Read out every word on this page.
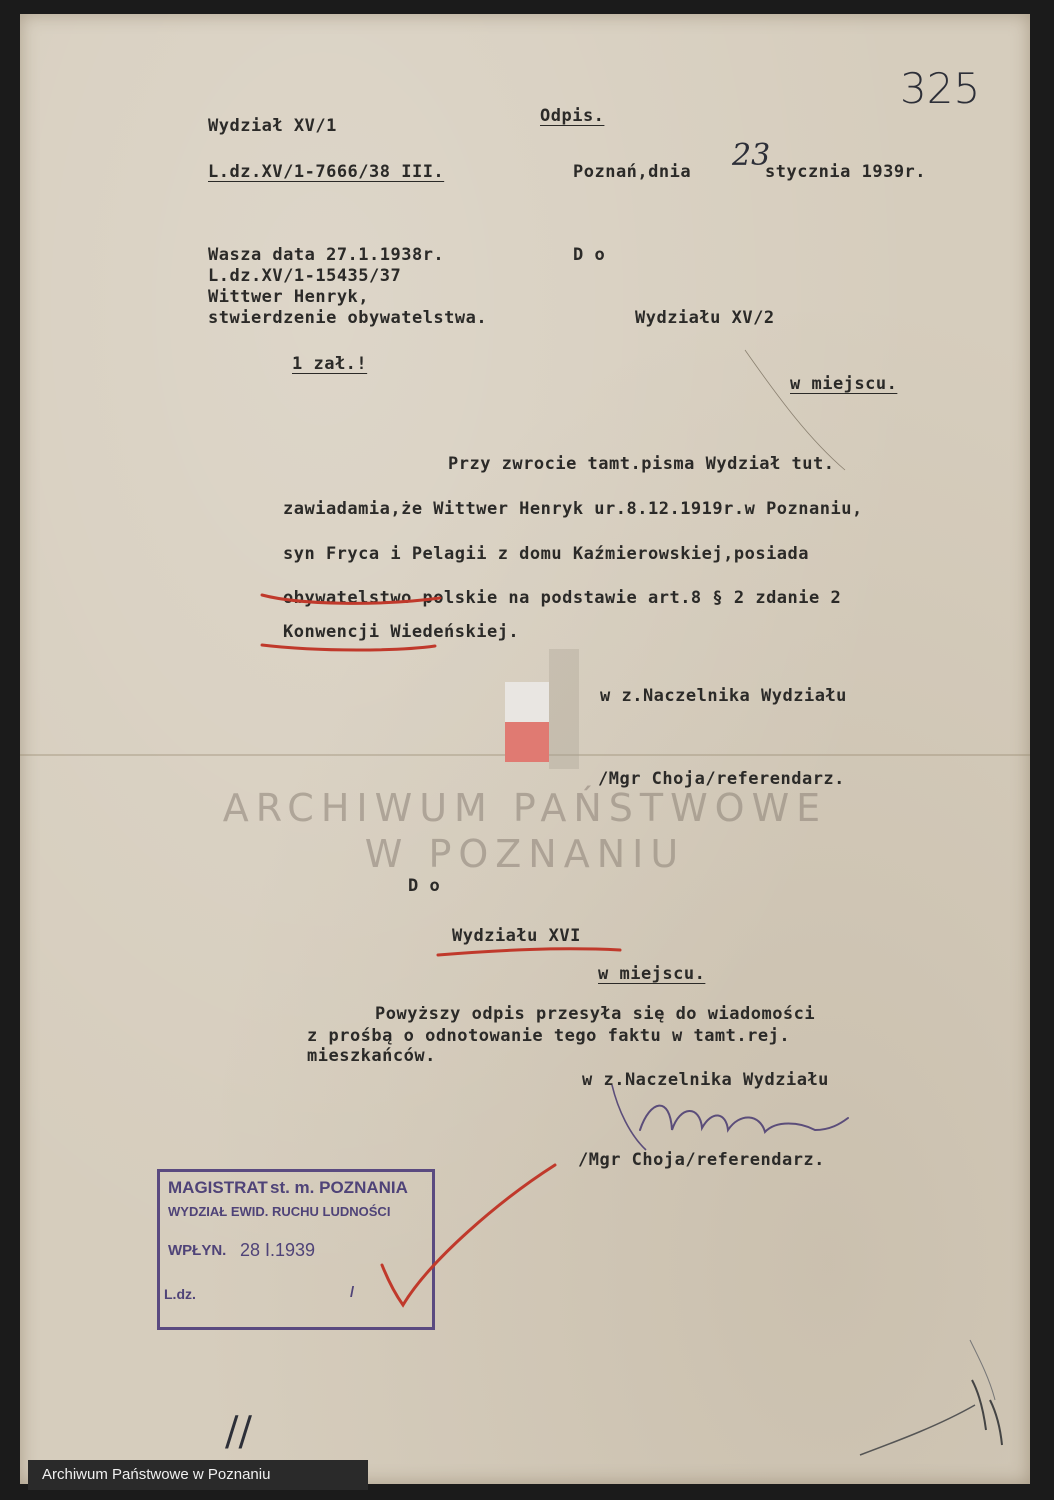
325
Wydział XV/1	Odpis.
L.dz.XV/1-7666/38 III.	Poznań,dnia 23
stycznia 1939r.
Wasza data 27.1.1938r.
L.dz.XV/1-15435/37
Wittwer Henryk,
stwierdzenie obywatelstwa.
1 zał.!
D o
Wydziału XV/2
w miejscu.
Przy zwrocie tamt.pisma Wydział tut.
zawiadamia,że Wittwer Henryk ur.8.12.1919r.w Poznaniu,
syn Fryca i Pelagii z domu Kaźmierowskiej,posiada
obywatelstwo polskie na podstawie art.8 § 2 zdanie 2
Konwencji Wiedeńskiej.
w z.Naczelnika Wydziału
/Mgr Choja/referendarz.
ARCHIWUM PAŃSTWOWE
W POZNANIU
D o
Wydziału XVI
w miejscu.
Powyższy odpis przesyła się do wiadomości
z prośbą o odnotowanie tego faktu w tamt.rej.
mieszkańców.
w z.Naczelnika Wydziału
/Mgr Choja/referendarz.
MAGISTRAT st. m. POZNANIA
WYDZIAŁ EWID. RUCHU LUDNOŚCI
WPŁYN. 28 I.1939
L.dz.	/
//
Archiwum Państwowe w Poznaniu
